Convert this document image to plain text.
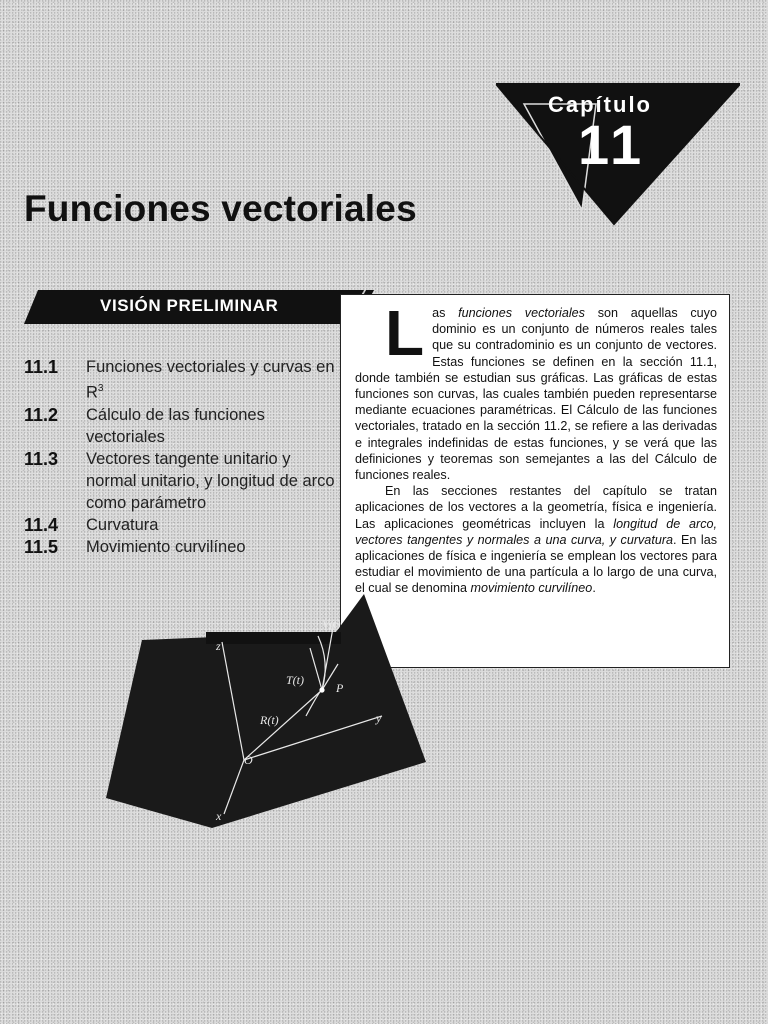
Capítulo
11
Funciones vectoriales
VISIÓN PRELIMINAR
11.1	Funciones vectoriales y curvas en $R^3$
11.2	Cálculo de las funciones vectoriales
11.3	Vectores tangente unitario y normal unitario, y longitud de arco como parámetro
11.4	Curvatura
11.5	Movimiento curvilíneo
L as funciones vectoriales son aquellas cuyo dominio es un conjunto de números reales tales que su contradominio es un conjunto de vectores. Estas funciones se definen en la sección 11.1, donde también se estudian sus gráficas. Las gráficas de estas funciones son curvas, las cuales también pueden representarse mediante ecuaciones paramétricas. El Cálculo de las funciones vectoriales, tratado en la sección 11.2, se refiere a las derivadas e integrales indefinidas de estas funciones, y se verá que las definiciones y teoremas son semejantes a las del Cálculo de funciones reales.

En las secciones restantes del capítulo se tratan aplicaciones de los vectores a la geometría, física e ingeniería. Las aplicaciones geométricas incluyen la longitud de arco, vectores tangentes y normales a una curva, y curvatura. En las aplicaciones de física e ingeniería se emplean los vectores para estudiar el movimiento de una partícula a lo largo de una curva, el cual se denomina movimiento curvilíneo.

z
y
x
O
P
R(t)
T(t)
V(t)
